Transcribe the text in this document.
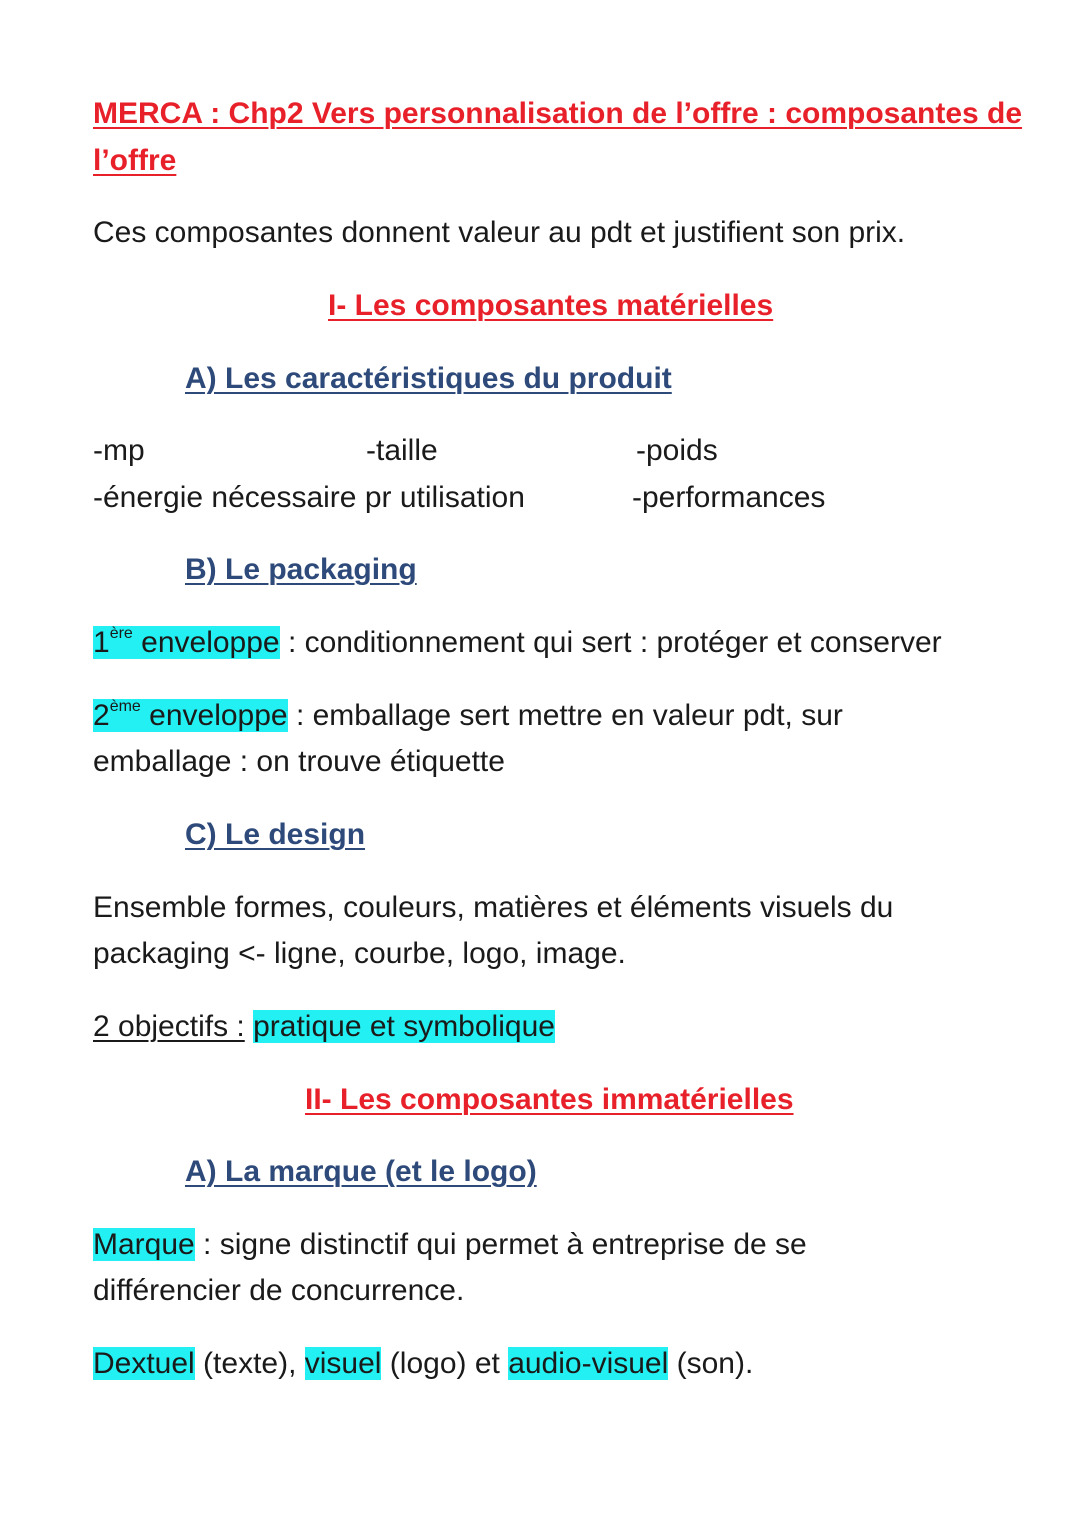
MERCA : Chp2 Vers personnalisation de l’offre : composantes de
l’offre
Ces composantes donnent valeur au pdt et justifient son prix.
I- Les composantes matérielles
A) Les caractéristiques du produit
-mp	-taille	-poids
-énergie nécessaire pr utilisation	-performances
B) Le packaging
1ère enveloppe : conditionnement qui sert : protéger et conserver
2ème enveloppe : emballage sert mettre en valeur pdt, sur
emballage : on trouve étiquette
C) Le design
Ensemble formes, couleurs, matières et éléments visuels du
packaging <- ligne, courbe, logo, image.
2 objectifs : pratique et symbolique
II- Les composantes immatérielles
A) La marque (et le logo)
Marque : signe distinctif qui permet à entreprise de se
différencier de concurrence.
Dextuel (texte), visuel (logo) et audio-visuel (son).
